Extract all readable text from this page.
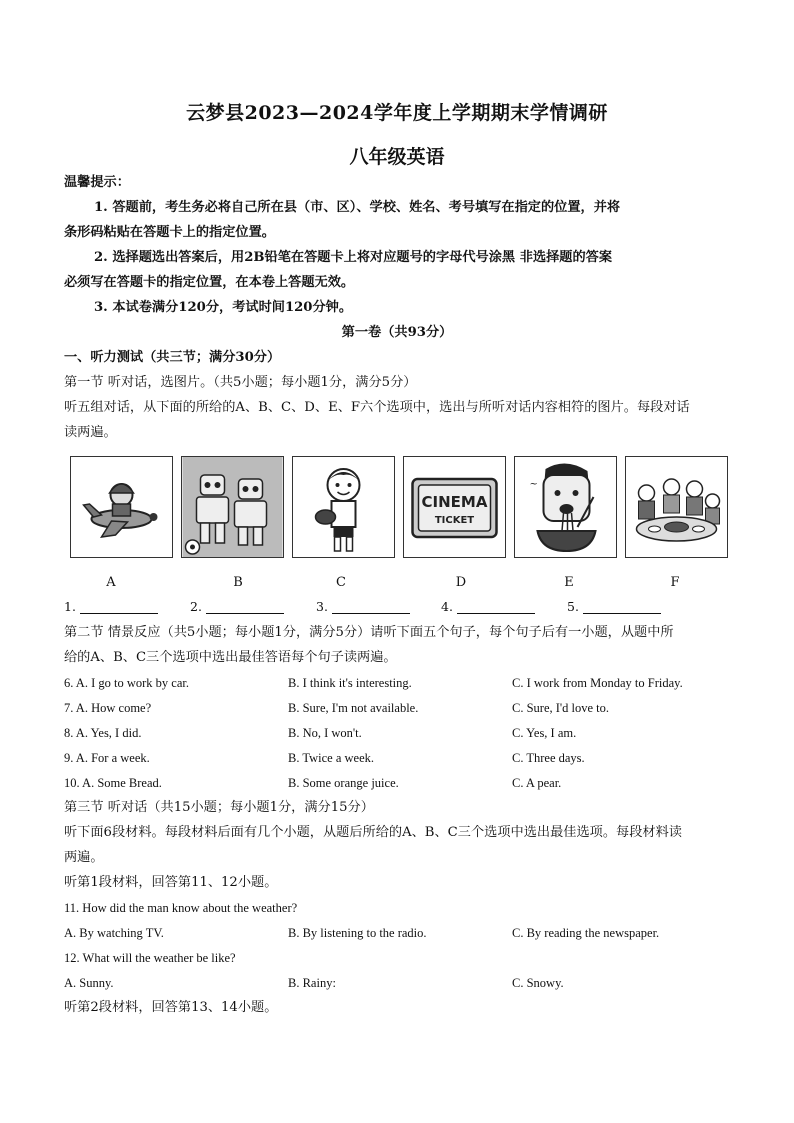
云梦县2023—2024学年度上学期期末学情调研
八年级英语
温馨提示：
1. 答题前，考生务必将自己所在县（市、区）、学校、姓名、考号填写在指定的位置，并将
条形码粘贴在答题卡上的指定位置。
2. 选择题选出答案后，用2B铅笔在答题卡上将对应题号的字母代号涂黑 非选择题的答案
必须写在答题卡的指定位置，在本卷上答题无效。
3. 本试卷满分120分，考试时间120分钟。
第一卷（共93分）
一、听力测试（共三节；满分30分）
第一节 听对话，选图片。（共5小题；每小题1分，满分5分）
听五组对话，从下面的所给的A、B、C、D、E、F六个选项中，选出与所听对话内容相符的图片。每段对话
读两遍。
CINEMA
TICKET
~
A	B	C	D	E	F
1.	2.	3.	4.	5.
第二节 情景反应（共5小题；每小题1分，满分5分）请听下面五个句子，每个句子后有一小题，从题中所
给的A、B、C三个选项中选出最佳答语每个句子读两遍。
6. A. I go to work by car.	B. I think it's interesting.	C. I work from Monday to Friday.
7. A. How come?	B. Sure, I'm not available.	C. Sure, I'd love to.
8. A. Yes, I did.	B. No, I won't.	C. Yes, I am.
9. A. For a week.	B. Twice a week.	C. Three days.
10. A. Some Bread.	B. Some orange juice.	C. A pear.
第三节 听对话（共15小题；每小题1分，满分15分）
听下面6段材料。每段材料后面有几个小题，从题后所给的A、B、C三个选项中选出最佳选项。每段材料读
两遍。
听第1段材料，回答第11、12小题。
11. How did the man know about the weather?
A. By watching TV.	B. By listening to the radio.	C. By reading the newspaper.
12. What will the weather be like?
A. Sunny.	B. Rainy:	C. Snowy.
听第2段材料，回答第13、14小题。
